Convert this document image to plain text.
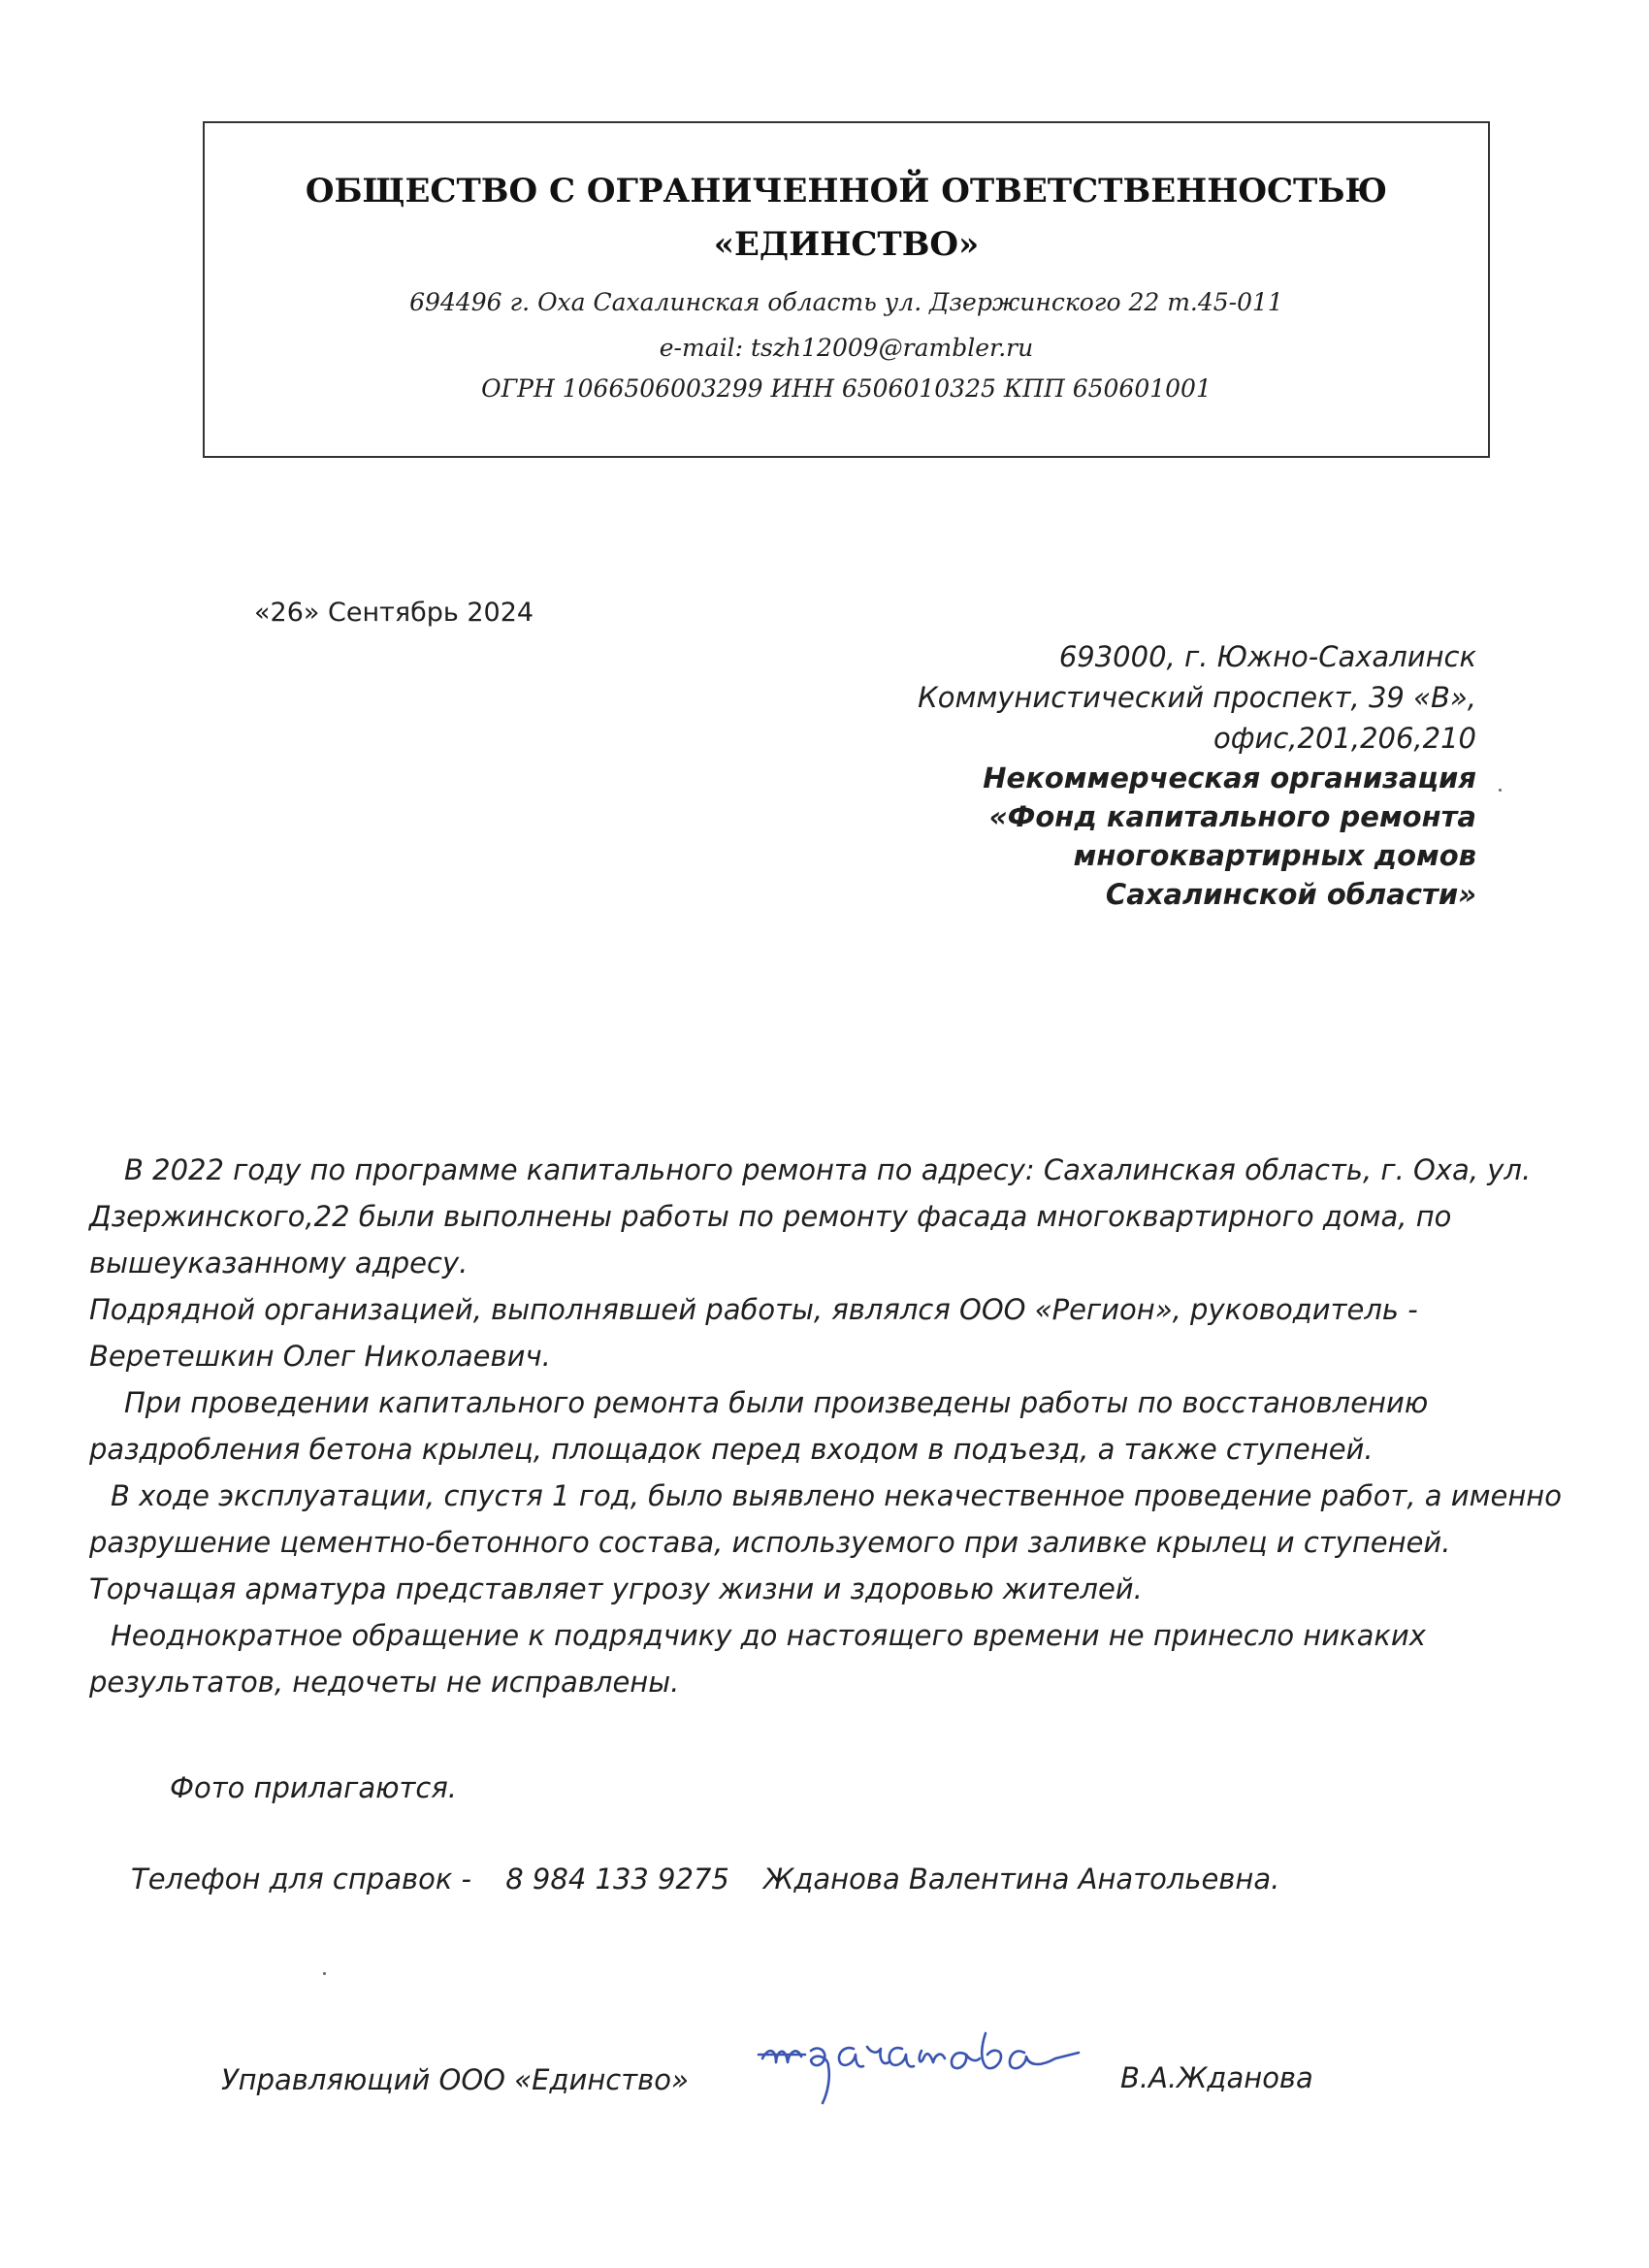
ОБЩЕСТВО С ОГРАНИЧЕННОЙ ОТВЕТСТВЕННОСТЬЮ
«ЕДИНСТВО»
694496 г. Оха Сахалинская область ул. Дзержинского 22 т.45-011
e-mail: tszh12009@rambler.ru
ОГРН 1066506003299 ИНН 6506010325 КПП 650601001
«26» Сентябрь 2024
693000, г. Южно-Сахалинск
Коммунистический проспект, 39 «В»,
офис,201,206,210
Некоммерческая организация
«Фонд капитального ремонта
многоквартирных домов
Сахалинской области»

В 2022 году по программе капитального ремонта по адресу: Сахалинская область, г. Оха, ул.

Дзержинского,22 были выполнены работы по ремонту фасада многоквартирного дома, по

вышеуказанному адресу.

Подрядной организацией, выполнявшей работы, являлся ООО «Регион», руководитель -

Веретешкин Олег Николаевич.

При проведении капитального ремонта были произведены работы по восстановлению

раздробления бетона крылец, площадок перед входом в подъезд, а также ступеней.

В ходе эксплуатации, спустя 1 год, было выявлено некачественное проведение работ, а именно

разрушение цементно-бетонного состава, используемого при заливке крылец и ступеней.

Торчащая арматура представляет угрозу жизни и здоровью жителей.

Неоднократное обращение к подрядчику до настоящего времени не принесло никаких

результатов, недочеты не исправлены.

Фото прилагаются.
Телефон для справок - 8 984 133 9275 Жданова Валентина Анатольевна.
Управляющий ООО «Единство»	В.А.Жданова
